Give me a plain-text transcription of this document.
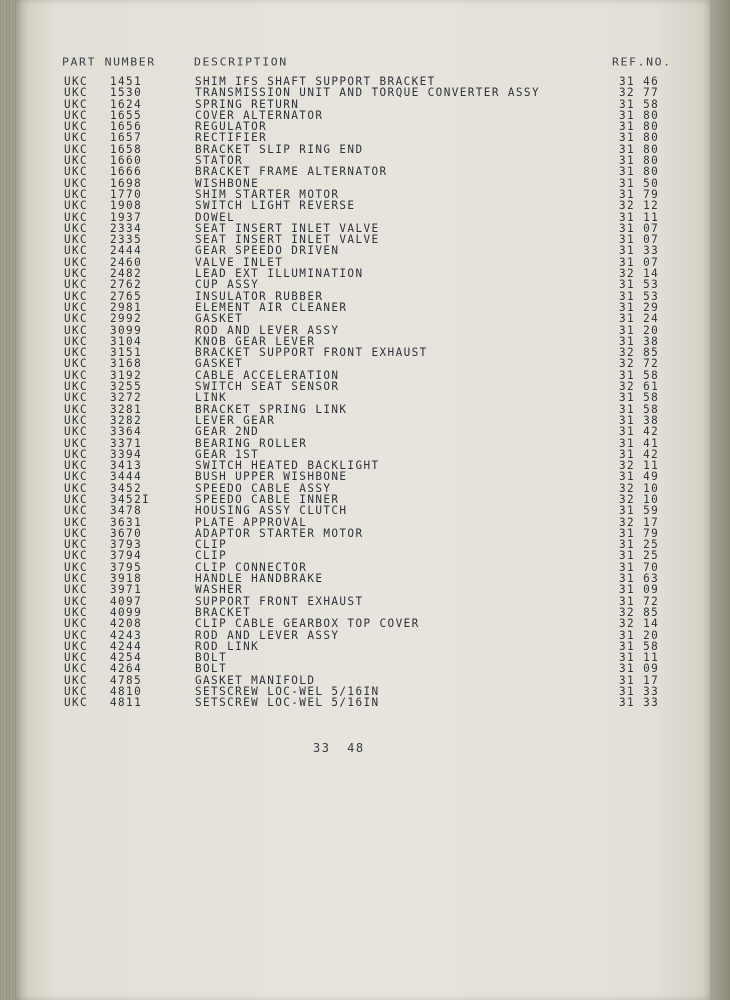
PART NUMBER	DESCRIPTION	REF.NO.
UKC 1451	SHIM IFS SHAFT SUPPORT BRACKET	31 46
UKC 1530	TRANSMISSION UNIT AND TORQUE CONVERTER ASSY	32 77
UKC 1624	SPRING RETURN	31 58
UKC 1655	COVER ALTERNATOR	31 80
UKC 1656	REGULATOR	31 80
UKC 1657	RECTIFIER	31 80
UKC 1658	BRACKET SLIP RING END	31 80
UKC 1660	STATOR	31 80
UKC 1666	BRACKET FRAME ALTERNATOR	31 80
UKC 1698	WISHBONE	31 50
UKC 1770	SHIM STARTER MOTOR	31 79
UKC 1908	SWITCH LIGHT REVERSE	32 12
UKC 1937	DOWEL	31 11
UKC 2334	SEAT INSERT INLET VALVE	31 07
UKC 2335	SEAT INSERT INLET VALVE	31 07
UKC 2444	GEAR SPEEDO DRIVEN	31 33
UKC 2460	VALVE INLET	31 07
UKC 2482	LEAD EXT ILLUMINATION	32 14
UKC 2762	CUP ASSY	31 53
UKC 2765	INSULATOR RUBBER	31 53
UKC 2981	ELEMENT AIR CLEANER	31 29
UKC 2992	GASKET	31 24
UKC 3099	ROD AND LEVER ASSY	31 20
UKC 3104	KNOB GEAR LEVER	31 38
UKC 3151	BRACKET SUPPORT FRONT EXHAUST	32 85
UKC 3168	GASKET	32 72
UKC 3192	CABLE ACCELERATION	31 58
UKC 3255	SWITCH SEAT SENSOR	32 61
UKC 3272	LINK	31 58
UKC 3281	BRACKET SPRING LINK	31 58
UKC 3282	LEVER GEAR	31 38
UKC 3364	GEAR 2ND	31 42
UKC 3371	BEARING ROLLER	31 41
UKC 3394	GEAR 1ST	31 42
UKC 3413	SWITCH HEATED BACKLIGHT	32 11
UKC 3444	BUSH UPPER WISHBONE	31 49
UKC 3452	SPEEDO CABLE ASSY	32 10
UKC 3452I	SPEEDO CABLE INNER	32 10
UKC 3478	HOUSING ASSY CLUTCH	31 59
UKC 3631	PLATE APPROVAL	32 17
UKC 3670	ADAPTOR STARTER MOTOR	31 79
UKC 3793	CLIP	31 25
UKC 3794	CLIP	31 25
UKC 3795	CLIP CONNECTOR	31 70
UKC 3918	HANDLE HANDBRAKE	31 63
UKC 3971	WASHER	31 09
UKC 4097	SUPPORT FRONT EXHAUST	31 72
UKC 4099	BRACKET	32 85
UKC 4208	CLIP CABLE GEARBOX TOP COVER	32 14
UKC 4243	ROD AND LEVER ASSY	31 20
UKC 4244	ROD LINK	31 58
UKC 4254	BOLT	31 11
UKC 4264	BOLT	31 09
UKC 4785	GASKET MANIFOLD	31 17
UKC 4810	SETSCREW LOC-WEL 5/16IN	31 33
UKC 4811	SETSCREW LOC-WEL 5/16IN	31 33
33 48
